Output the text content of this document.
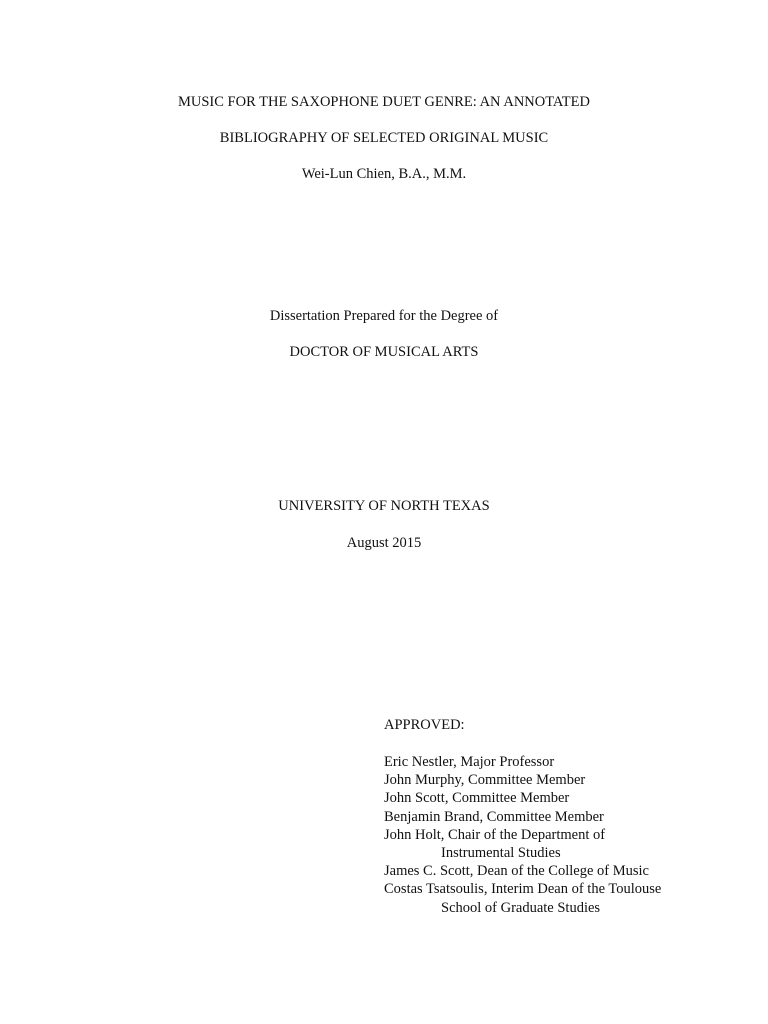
MUSIC FOR THE SAXOPHONE DUET GENRE: AN ANNOTATED
BIBLIOGRAPHY OF SELECTED ORIGINAL MUSIC
Wei-Lun Chien, B.A., M.M.
Dissertation Prepared for the Degree of
DOCTOR OF MUSICAL ARTS
UNIVERSITY OF NORTH TEXAS
August 2015
APPROVED:
Eric Nestler, Major Professor
John Murphy, Committee Member
John Scott, Committee Member
Benjamin Brand, Committee Member
John Holt, Chair of the Department of
Instrumental Studies
James C. Scott, Dean of the College of Music
Costas Tsatsoulis, Interim Dean of the Toulouse
School of Graduate Studies
